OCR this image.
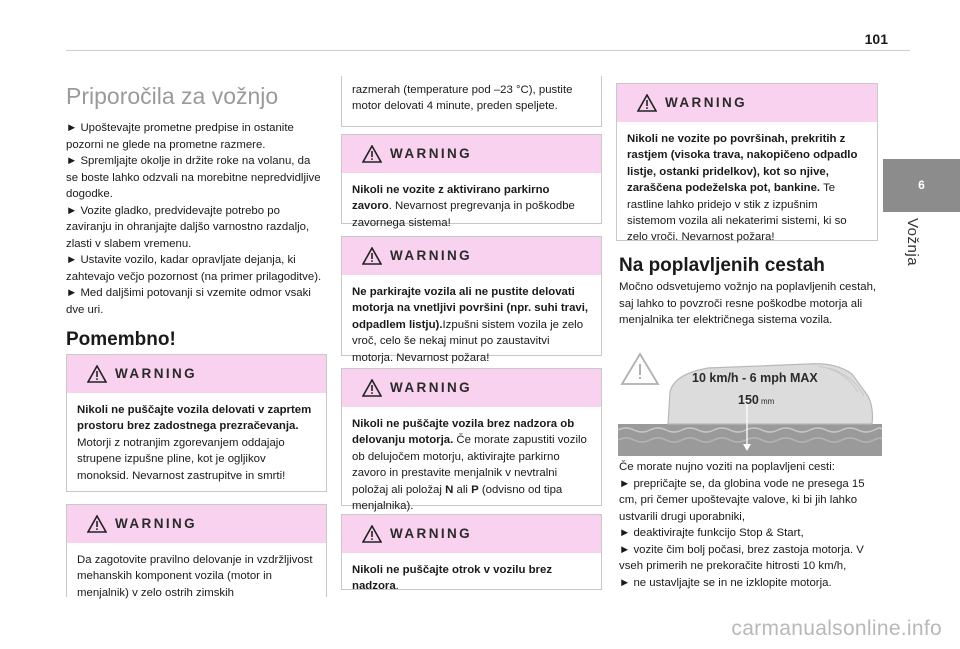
101
6
Vožnja
Priporočila za vožnjo

► Upoštevajte prometne predpise in ostanite pozorni ne glede na prometne razmere.

► Spremljajte okolje in držite roke na volanu, da se boste lahko odzvali na morebitne nepredvidljive dogodke.

► Vozite gladko, predvidevajte potrebo po zaviranju in ohranjajte daljšo varnostno razdaljo, zlasti v slabem vremenu.

► Ustavite vozilo, kadar opravljate dejanja, ki zahtevajo večjo pozornost (na primer prilagoditve).

► Med daljšimi potovanji si vzemite odmor vsaki dve uri.

Pomembno!
WARNING
Nikoli ne puščajte vozila delovati v zaprtem prostoru brez zadostnega prezračevanja. Motorji z notranjim zgorevanjem oddajajo strupene izpušne pline, kot je ogljikov monoksid. Nevarnost zastrupitve in smrti!
WARNING
Da zagotovite pravilno delovanje in vzdržljivost mehanskih komponent vozila (motor in menjalnik) v zelo ostrih zimskih
razmerah (temperature pod –23 °C), pustite motor delovati 4 minute, preden speljete.
WARNING
Nikoli ne vozite z aktivirano parkirno zavoro. Nevarnost pregrevanja in poškodbe zavornega sistema!
WARNING
Ne parkirajte vozila ali ne pustite delovati motorja na vnetljivi površini (npr. suhi travi, odpadlem listju).Izpušni sistem vozila je zelo vroč, celo še nekaj minut po zaustavitvi motorja. Nevarnost požara!
WARNING
Nikoli ne puščajte vozila brez nadzora ob delovanju motorja. Če morate zapustiti vozilo ob delujočem motorju, aktivirajte parkirno zavoro in prestavite menjalnik v nevtralni položaj ali položaj N ali P (odvisno od tipa menjalnika).
WARNING
Nikoli ne puščajte otrok v vozilu brez nadzora.
WARNING
Nikoli ne vozite po površinah, prekritih z rastjem (visoka trava, nakopičeno odpadlo listje, ostanki pridelkov), kot so njive, zaraščena podeželska pot, bankine. Te rastline lahko pridejo v stik z izpušnim sistemom vozila ali nekaterimi sistemi, ki so zelo vroči. Nevarnost požara!
Na poplavljenih cestah

Močno odsvetujemo vožnjo na poplavljenih cestah, saj lahko to povzroči resne poškodbe motorja ali menjalnika ter električnega sistema vozila.

10 km/h - 6 mph MAX
150 mm

Če morate nujno voziti na poplavljeni cesti:

► prepričajte se, da globina vode ne presega 15 cm, pri čemer upoštevajte valove, ki bi jih lahko ustvarili drugi uporabniki,

► deaktivirajte funkcijo Stop & Start,

► vozite čim bolj počasi, brez zastoja motorja. V vseh primerih ne prekoračite hitrosti 10 km/h,

► ne ustavljajte se in ne izklopite motorja.

carmanualsonline.info
